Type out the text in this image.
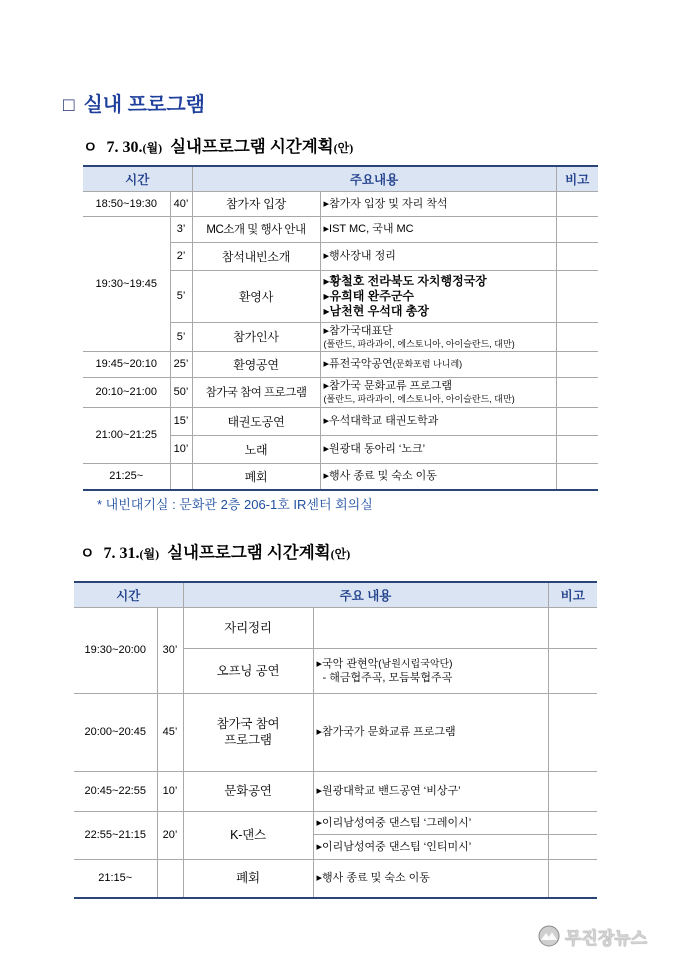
□ 실내 프로그램
ㅇ 7. 30.(월) 실내프로그램 시간계획(안)
시간		주요내용		비고
18:50~19:30	40’	참가자 입장	▸참가자 입장 및 자리 착석	

19:30~19:45	3’	MC소개 및 행사 안내	▸IST MC, 국내 MC	

	2’	참석내빈소개	▸행사장내 정리	

	5’	환영사	▸황철호 전라북도 자치행정국장
▸유희태 완주군수
▸남천현 우석대 총장	

	5’	참가인사	▸참가국대표단
(폴란드, 파라과이, 에스토니아, 아이슬란드, 대만)	

19:45~20:10	25’	환영공연	▸퓨전국악공연(문화포럼 나니레)	

20:10~21:00	50’	참가국 참여 프로그램	▸참가국 문화교류 프로그램
(폴란드, 파라과이, 에스토니아, 아이슬란드, 대만)	

21:00~21:25	15’	태권도공연	▸우석대학교 태권도학과	

	10’	노래	▸원광대 동아리 ‘노크’	

21:25~		폐회	▸행사 종료 및 숙소 이동	

* 내빈대기실 : 문화관 2층 206-1호 IR센터 회의실
ㅇ 7. 31.(월) 실내프로그램 시간계획(안)
시간		주요 내용		비고
19:30~20:00	30’	자리정리		
		오프닝 공연	▸국악 관현악(남원시립국악단)
- 해금협주곡, 모듬북협주곡	

20:00~20:45	45’	참가국 참여
프로그램	▸참가국가 문화교류 프로그램	

20:45~22:55	10’	문화공연	▸원광대학교 밴드공연 ‘비상구’	

22:55~21:15	20’	K-댄스	▸이리남성여중 댄스팀 ‘그레이시’	

			▸이리남성여중 댄스팀 ‘인티미시’	

21:15~		폐회	▸행사 종료 및 숙소 이동	

무진장뉴스
